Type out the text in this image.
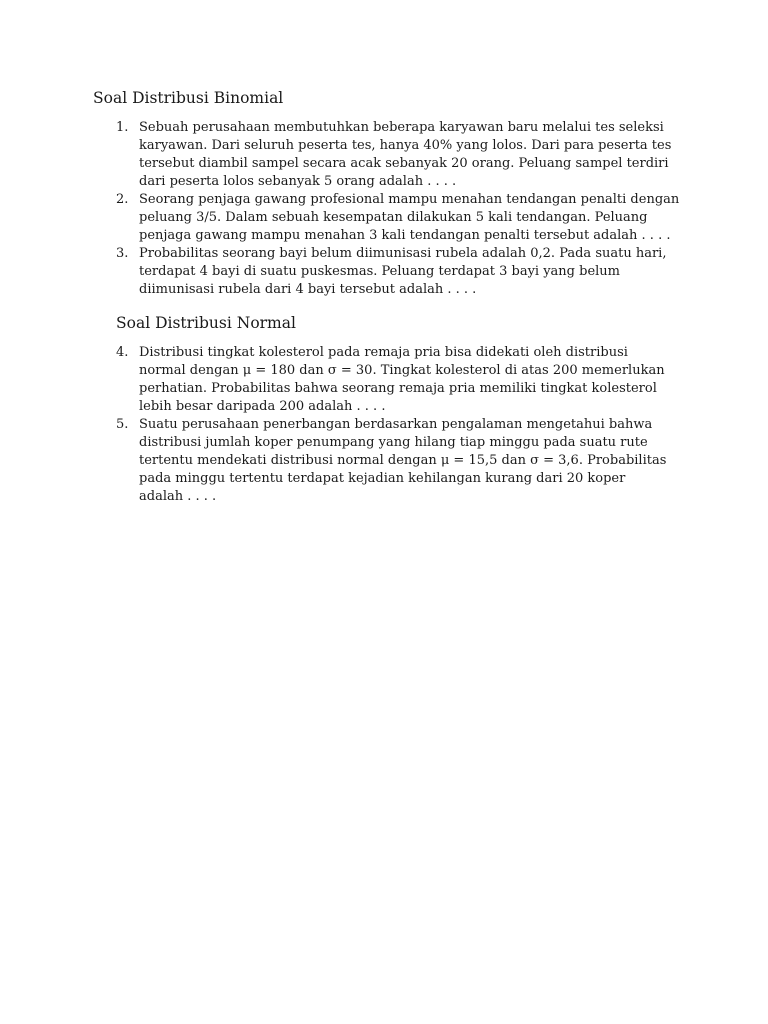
Soal Distribusi Binomial
1. Sebuah perusahaan membutuhkan beberapa karyawan baru melalui tes seleksi
karyawan. Dari seluruh peserta tes, hanya 40% yang lolos. Dari para peserta tes
tersebut diambil sampel secara acak sebanyak 20 orang. Peluang sampel terdiri
dari peserta lolos sebanyak 5 orang adalah . . . .
2. Seorang penjaga gawang profesional mampu menahan tendangan penalti dengan
peluang 3/5. Dalam sebuah kesempatan dilakukan 5 kali tendangan. Peluang
penjaga gawang mampu menahan 3 kali tendangan penalti tersebut adalah . . . .
3. Probabilitas seorang bayi belum diimunisasi rubela adalah 0,2. Pada suatu hari,
terdapat 4 bayi di suatu puskesmas. Peluang terdapat 3 bayi yang belum
diimunisasi rubela dari 4 bayi tersebut adalah . . . .
Soal Distribusi Normal
4. Distribusi tingkat kolesterol pada remaja pria bisa didekati oleh distribusi
normal dengan μ = 180 dan σ = 30. Tingkat kolesterol di atas 200 memerlukan
perhatian. Probabilitas bahwa seorang remaja pria memiliki tingkat kolesterol
lebih besar daripada 200 adalah . . . .
5. Suatu perusahaan penerbangan berdasarkan pengalaman mengetahui bahwa
distribusi jumlah koper penumpang yang hilang tiap minggu pada suatu rute
tertentu mendekati distribusi normal dengan μ = 15,5 dan σ = 3,6. Probabilitas
pada minggu tertentu terdapat kejadian kehilangan kurang dari 20 koper
adalah . . . .
